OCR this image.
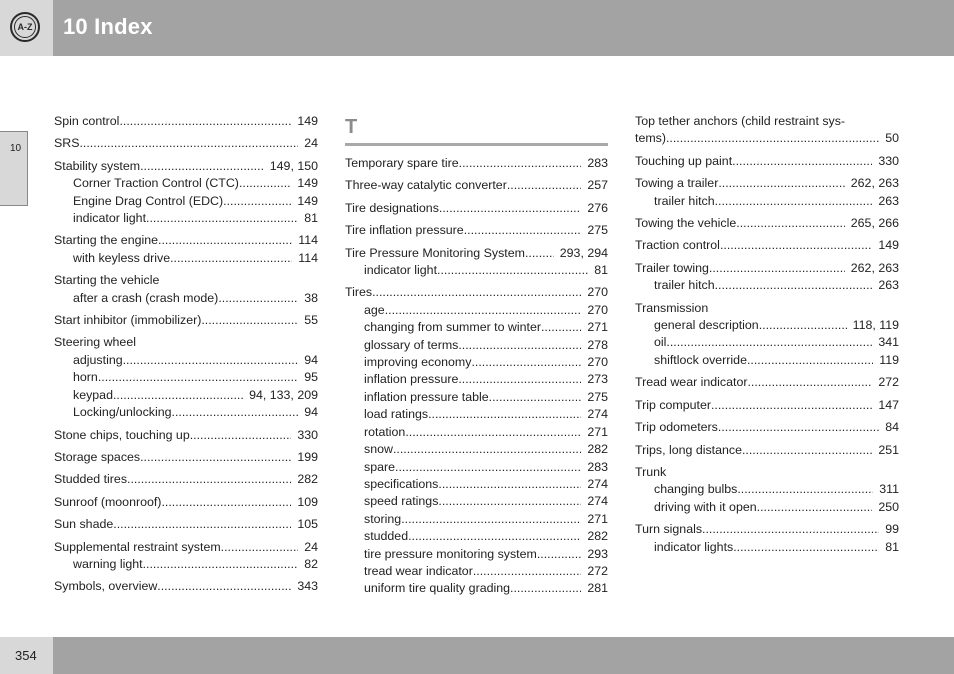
A-Z 10 Index
10
Spin control .....	149
SRS .....	24
Stability system .....	149, 150
Corner Traction Control (CTC) .....	149
Engine Drag Control (EDC) .....	149
indicator light .....	81
Starting the engine .....	114
with keyless drive .....	114
Starting the vehicle
after a crash (crash mode) .....	38
Start inhibitor (immobilizer) .....	55
Steering wheel
adjusting .....	94
horn .....	95
keypad .....	94, 133, 209
Locking/unlocking .....	94
Stone chips, touching up .....	330
Storage spaces .....	199
Studded tires .....	282
Sunroof (moonroof) .....	109
Sun shade .....	105
Supplemental restraint system .....	24
warning light .....	82
Symbols, overview .....	343
T
Temporary spare tire .....	283
Three-way catalytic converter .....	257
Tire designations .....	276
Tire inflation pressure .....	275
Tire Pressure Monitoring System .....	293, 294
indicator light .....	81
Tires .....	270
age .....	270
changing from summer to winter .....	271
glossary of terms .....	278
improving economy .....	270
inflation pressure .....	273
inflation pressure table .....	275
load ratings .....	274
rotation .....	271
snow .....	282
spare .....	283
specifications .....	274
speed ratings .....	274
storing .....	271
studded .....	282
tire pressure monitoring system .....	293
tread wear indicator .....	272
uniform tire quality grading .....	281
Top tether anchors (child restraint sys-
tems) .....	50
Touching up paint .....	330
Towing a trailer .....	262, 263
trailer hitch .....	263
Towing the vehicle .....	265, 266
Traction control .....	149
Trailer towing .....	262, 263
trailer hitch .....	263
Transmission
general description .....	118, 119
oil .....	341
shiftlock override .....	119
Tread wear indicator .....	272
Trip computer .....	147
Trip odometers .....	84
Trips, long distance .....	251
Trunk
changing bulbs .....	311
driving with it open .....	250
Turn signals .....	99
indicator lights .....	81
354
